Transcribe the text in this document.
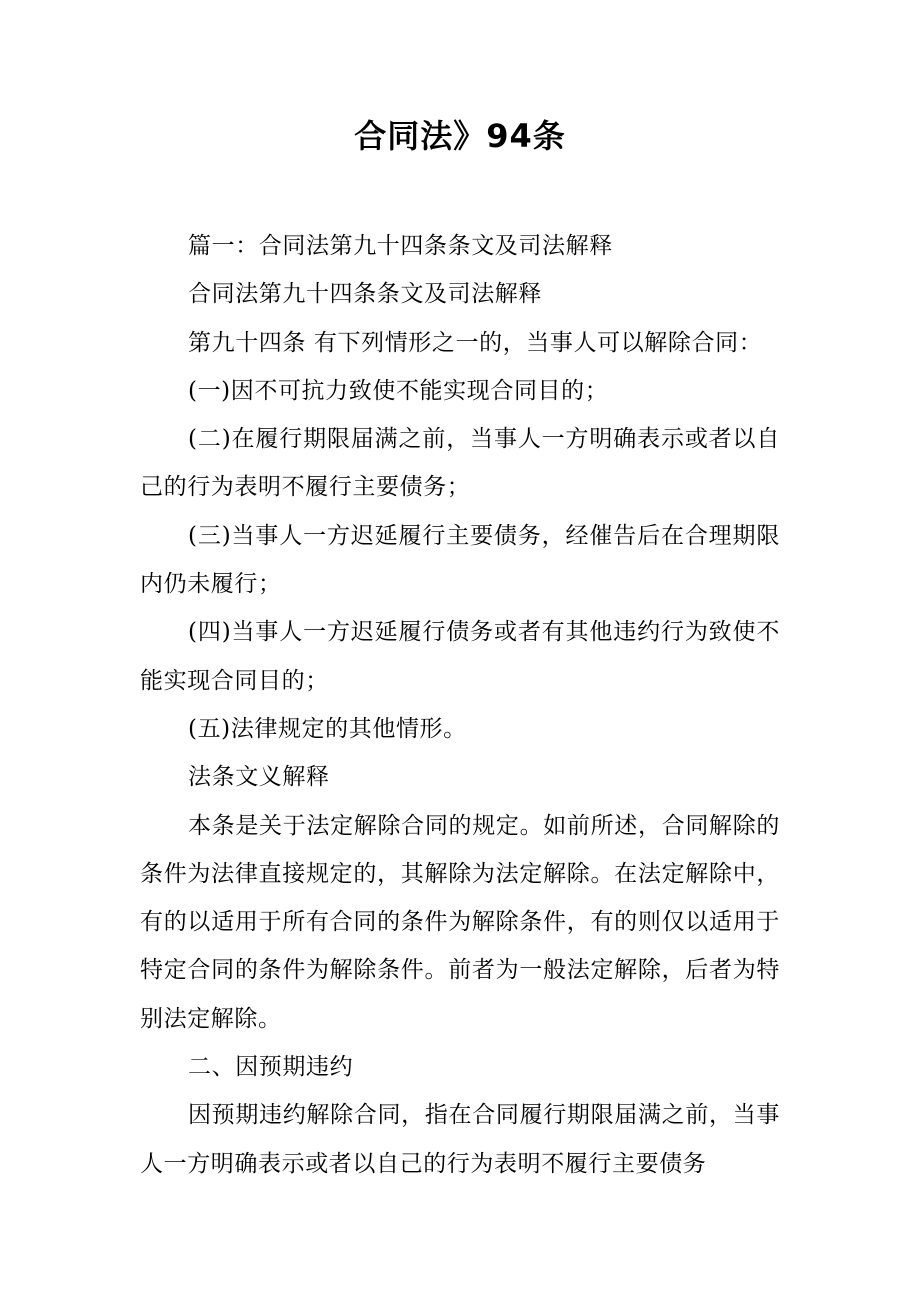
合同法》94条

篇一：合同法第九十四条条文及司法解释

合同法第九十四条条文及司法解释

第九十四条 有下列情形之一的，当事人可以解除合同：

(一)因不可抗力致使不能实现合同目的；

(二)在履行期限届满之前，当事人一方明确表示或者以自己的行为表明不履行主要债务；

(三)当事人一方迟延履行主要债务，经催告后在合理期限内仍未履行；

(四)当事人一方迟延履行债务或者有其他违约行为致使不能实现合同目的；

(五)法律规定的其他情形。

法条文义解释

本条是关于法定解除合同的规定。如前所述，合同解除的条件为法律直接规定的，其解除为法定解除。在法定解除中，有的以适用于所有合同的条件为解除条件，有的则仅以适用于特定合同的条件为解除条件。前者为一般法定解除，后者为特别法定解除。

二、因预期违约

因预期违约解除合同，指在合同履行期限届满之前，当事人一方明确表示或者以自己的行为表明不履行主要债务
